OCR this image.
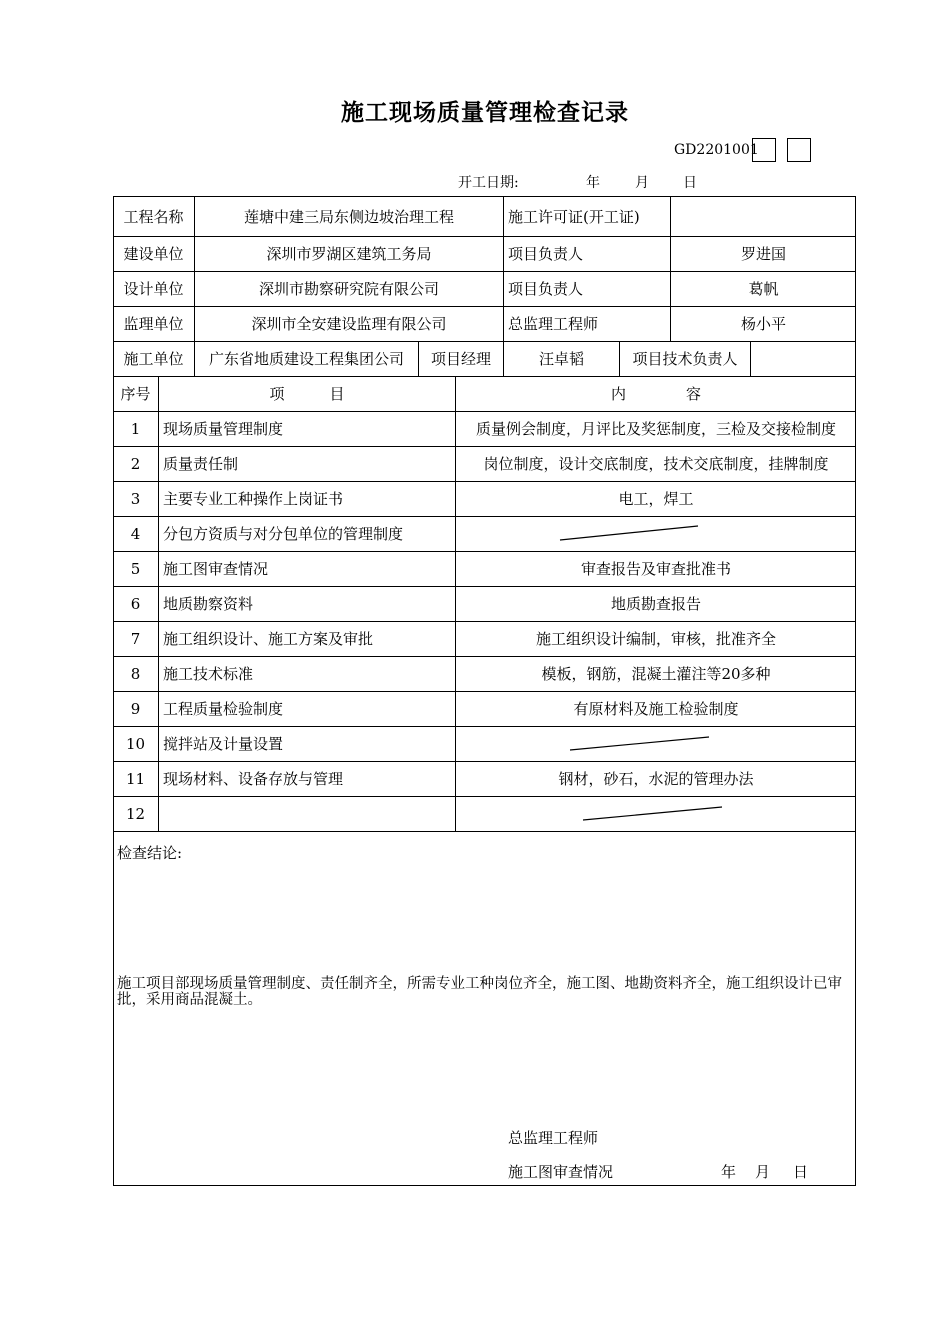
施工现场质量管理检查记录
GD2201001
开工日期:	年	月 日
工程名称	莲塘中建三局东侧边坡治理工程	施工许可证(开工证)
建设单位	深圳市罗湖区建筑工务局	项目负责人	罗进国
设计单位	深圳市勘察研究院有限公司	项目负责人	葛帆
监理单位	深圳市全安建设监理有限公司	总监理工程师	杨小平
施工单位	广东省地质建设工程集团公司	项目经理	汪卓韬	项目技术负责人
序号	项　　　目	内　　　　容
1	现场质量管理制度	质量例会制度，月评比及奖惩制度，三检及交接检制度
2	质量责任制	岗位制度，设计交底制度，技术交底制度，挂牌制度
3	主要专业工种操作上岗证书	电工，焊工
4	分包方资质与对分包单位的管理制度
5	施工图审查情况	审查报告及审查批准书
6	地质勘察资料	地质勘查报告
7	施工组织设计、施工方案及审批	施工组织设计编制，审核，批准齐全
8	施工技术标准	模板，钢筋，混凝土灌注等20多种
9	工程质量检验制度	有原材料及施工检验制度
10	搅拌站及计量设置
11	现场材料、设备存放与管理	钢材，砂石，水泥的管理办法
12
检查结论:
施工项目部现场质量管理制度、责任制齐全，所需专业工种岗位齐全，施工图、地勘资料齐全，施工组织设计已审批，采用商品混凝土。
总监理工程师
施工图审查情况	年 月 日
